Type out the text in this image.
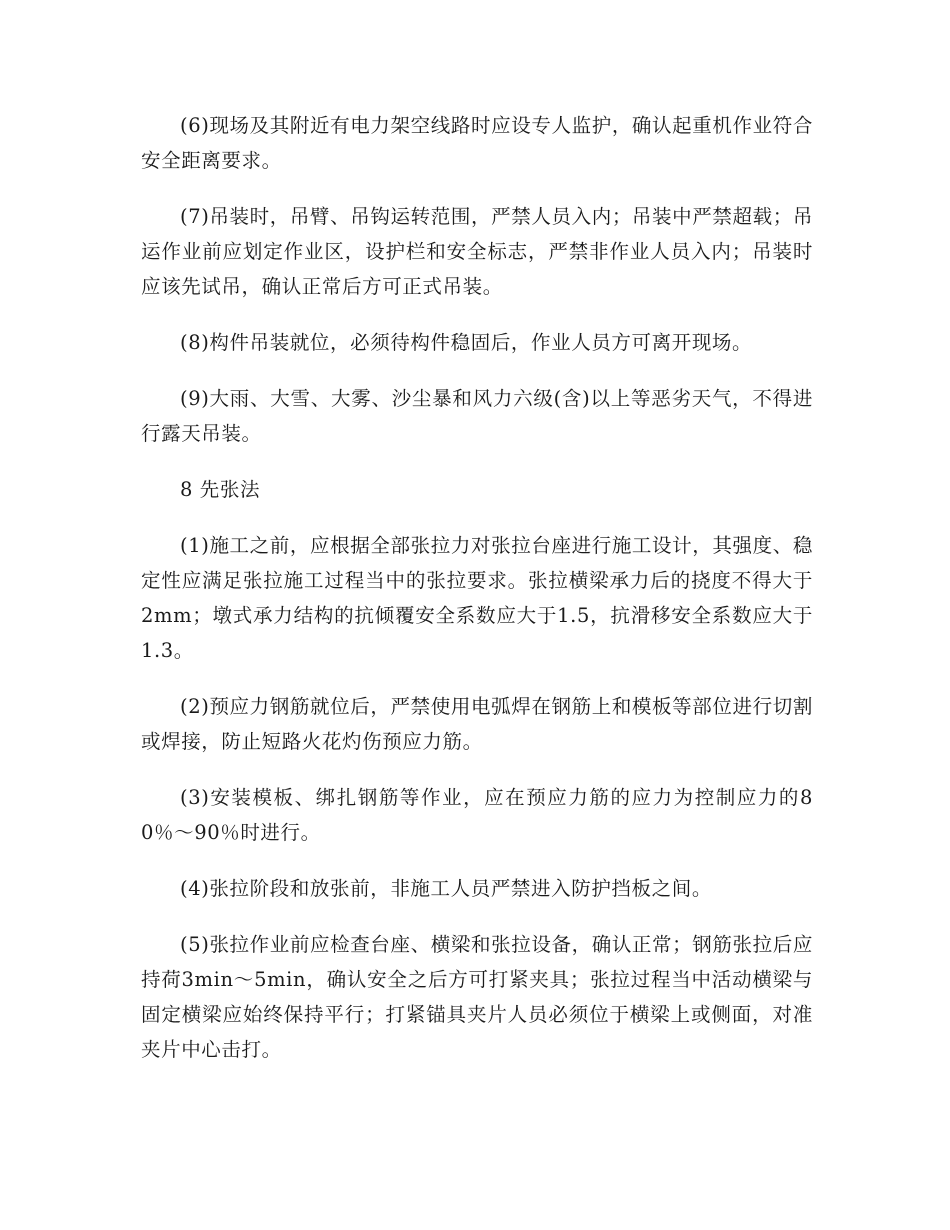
(6)现场及其附近有电力架空线路时应设专人监护，确认起重机作业符合安全距离要求。

(7)吊装时，吊臂、吊钩运转范围，严禁人员入内；吊装中严禁超载；吊运作业前应划定作业区，设护栏和安全标志，严禁非作业人员入内；吊装时应该先试吊，确认正常后方可正式吊装。

(8)构件吊装就位，必须待构件稳固后，作业人员方可离开现场。

(9)大雨、大雪、大雾、沙尘暴和风力六级(含)以上等恶劣天气，不得进行露天吊装。

8 先张法

(1)施工之前，应根据全部张拉力对张拉台座进行施工设计，其强度、稳定性应满足张拉施工过程当中的张拉要求。张拉横梁承力后的挠度不得大于2mm；墩式承力结构的抗倾覆安全系数应大于1.5，抗滑移安全系数应大于1.3。

(2)预应力钢筋就位后，严禁使用电弧焊在钢筋上和模板等部位进行切割或焊接，防止短路火花灼伤预应力筋。

(3)安装模板、绑扎钢筋等作业，应在预应力筋的应力为控制应力的80％～90％时进行。

(4)张拉阶段和放张前，非施工人员严禁进入防护挡板之间。

(5)张拉作业前应检查台座、横梁和张拉设备，确认正常；钢筋张拉后应持荷3min～5min，确认安全之后方可打紧夹具；张拉过程当中活动横梁与固定横梁应始终保持平行；打紧锚具夹片人员必须位于横梁上或侧面，对准夹片中心击打。
